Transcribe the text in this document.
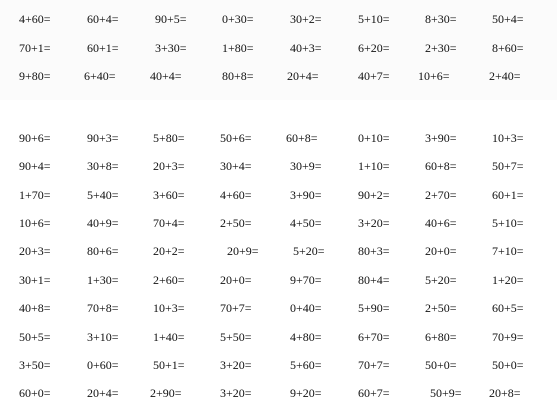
4+60=	60+4=	90+5=	0+30=	30+2=	5+10=	8+30=	50+4=
70+1=	60+1=	3+30=	1+80=	40+3=	6+20=	2+30=	8+60=
9+80=	6+40=	40+4=	80+8=	20+4=	40+7= 10+6=	2+40=
90+6=	90+3=	5+80=	50+6=	60+8=	0+10=	3+90=	10+3=
90+4=	30+8=	20+3=	30+4=	30+9=	1+10=	60+8=	50+7=
1+70=	5+40=	3+60=	4+60=	3+90=	90+2=	2+70=	60+1=
10+6=	40+9=	70+4=	2+50=	4+50=	3+20=	40+6=	5+10=
20+3=	80+6=	20+2=	20+9=	5+20=	80+3=	20+0=	7+10=
30+1=	1+30=	2+60=	20+0=	9+70=	80+4=	5+20=	1+20=
40+8=	70+8=	10+3=	70+7=	0+40=	5+90=	2+50=	60+5=
50+5=	3+10=	1+40=	5+50=	4+80=	6+70=	6+80=	70+9=
3+50=	0+60=	50+1=	3+20=	5+60=	70+7=	50+0=	50+0=
60+0=	20+4=	2+90=	3+20=	9+20=	60+7=	50+9= 20+8=
